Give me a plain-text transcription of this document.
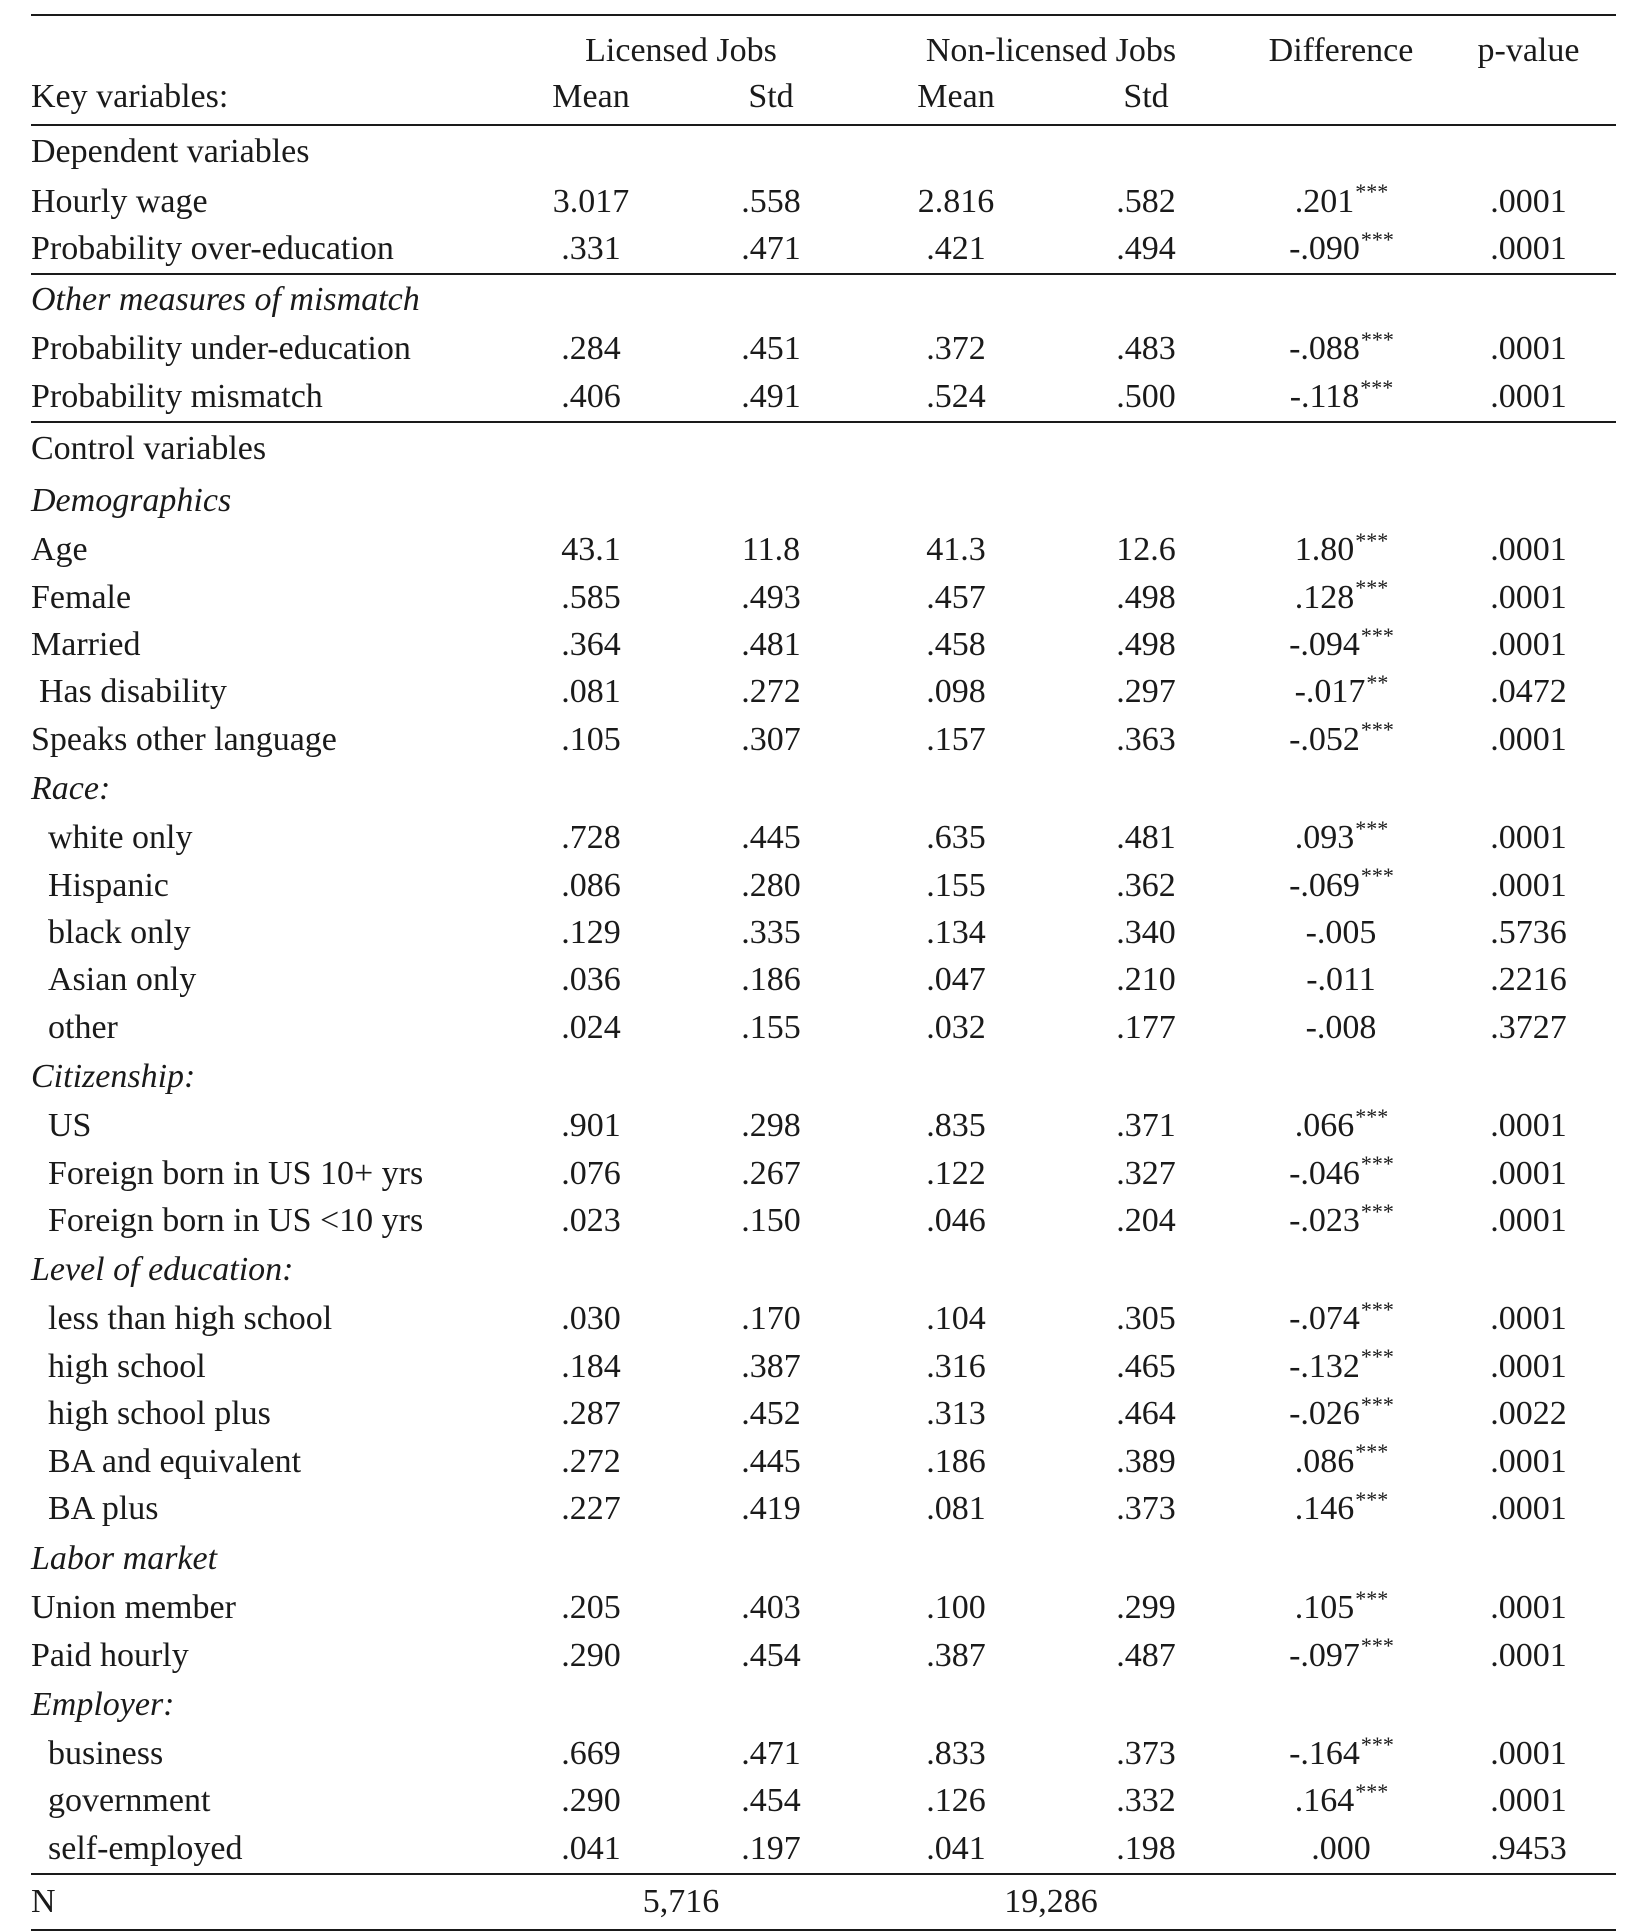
	Licensed Jobs		Non-licensed Jobs		Difference	p-value
Key variables:	Mean	Std	Mean	Std		
Dependent variables						
Hourly wage	3.017	.558	2.816	.582	.201***	.0001
Probability over-education	.331	.471	.421	.494	-.090***	.0001
Other measures of mismatch						
Probability under-education	.284	.451	.372	.483	-.088***	.0001
Probability mismatch	.406	.491	.524	.500	-.118***	.0001
Control variables						
Demographics						
Age	43.1	11.8	41.3	12.6	1.80***	.0001
Female	.585	.493	.457	.498	.128***	.0001
Married	.364	.481	.458	.498	-.094***	.0001
Has disability	.081	.272	.098	.297	-.017**	.0472
Speaks other language	.105	.307	.157	.363	-.052***	.0001
Race:						
white only	.728	.445	.635	.481	.093***	.0001
Hispanic	.086	.280	.155	.362	-.069***	.0001
black only	.129	.335	.134	.340	-.005	.5736
Asian only	.036	.186	.047	.210	-.011	.2216
other	.024	.155	.032	.177	-.008	.3727
Citizenship:						
US	.901	.298	.835	.371	.066***	.0001
Foreign born in US 10+ yrs	.076	.267	.122	.327	-.046***	.0001
Foreign born in US <10 yrs	.023	.150	.046	.204	-.023***	.0001
Level of education:						
less than high school	.030	.170	.104	.305	-.074***	.0001
high school	.184	.387	.316	.465	-.132***	.0001
high school plus	.287	.452	.313	.464	-.026***	.0022
BA and equivalent	.272	.445	.186	.389	.086***	.0001
BA plus	.227	.419	.081	.373	.146***	.0001
Labor market						
Union member	.205	.403	.100	.299	.105***	.0001
Paid hourly	.290	.454	.387	.487	-.097***	.0001
Employer:						
business	.669	.471	.833	.373	-.164***	.0001
government	.290	.454	.126	.332	.164***	.0001
self-employed	.041	.197	.041	.198	.000	.9453
N	5,716		19,286			
